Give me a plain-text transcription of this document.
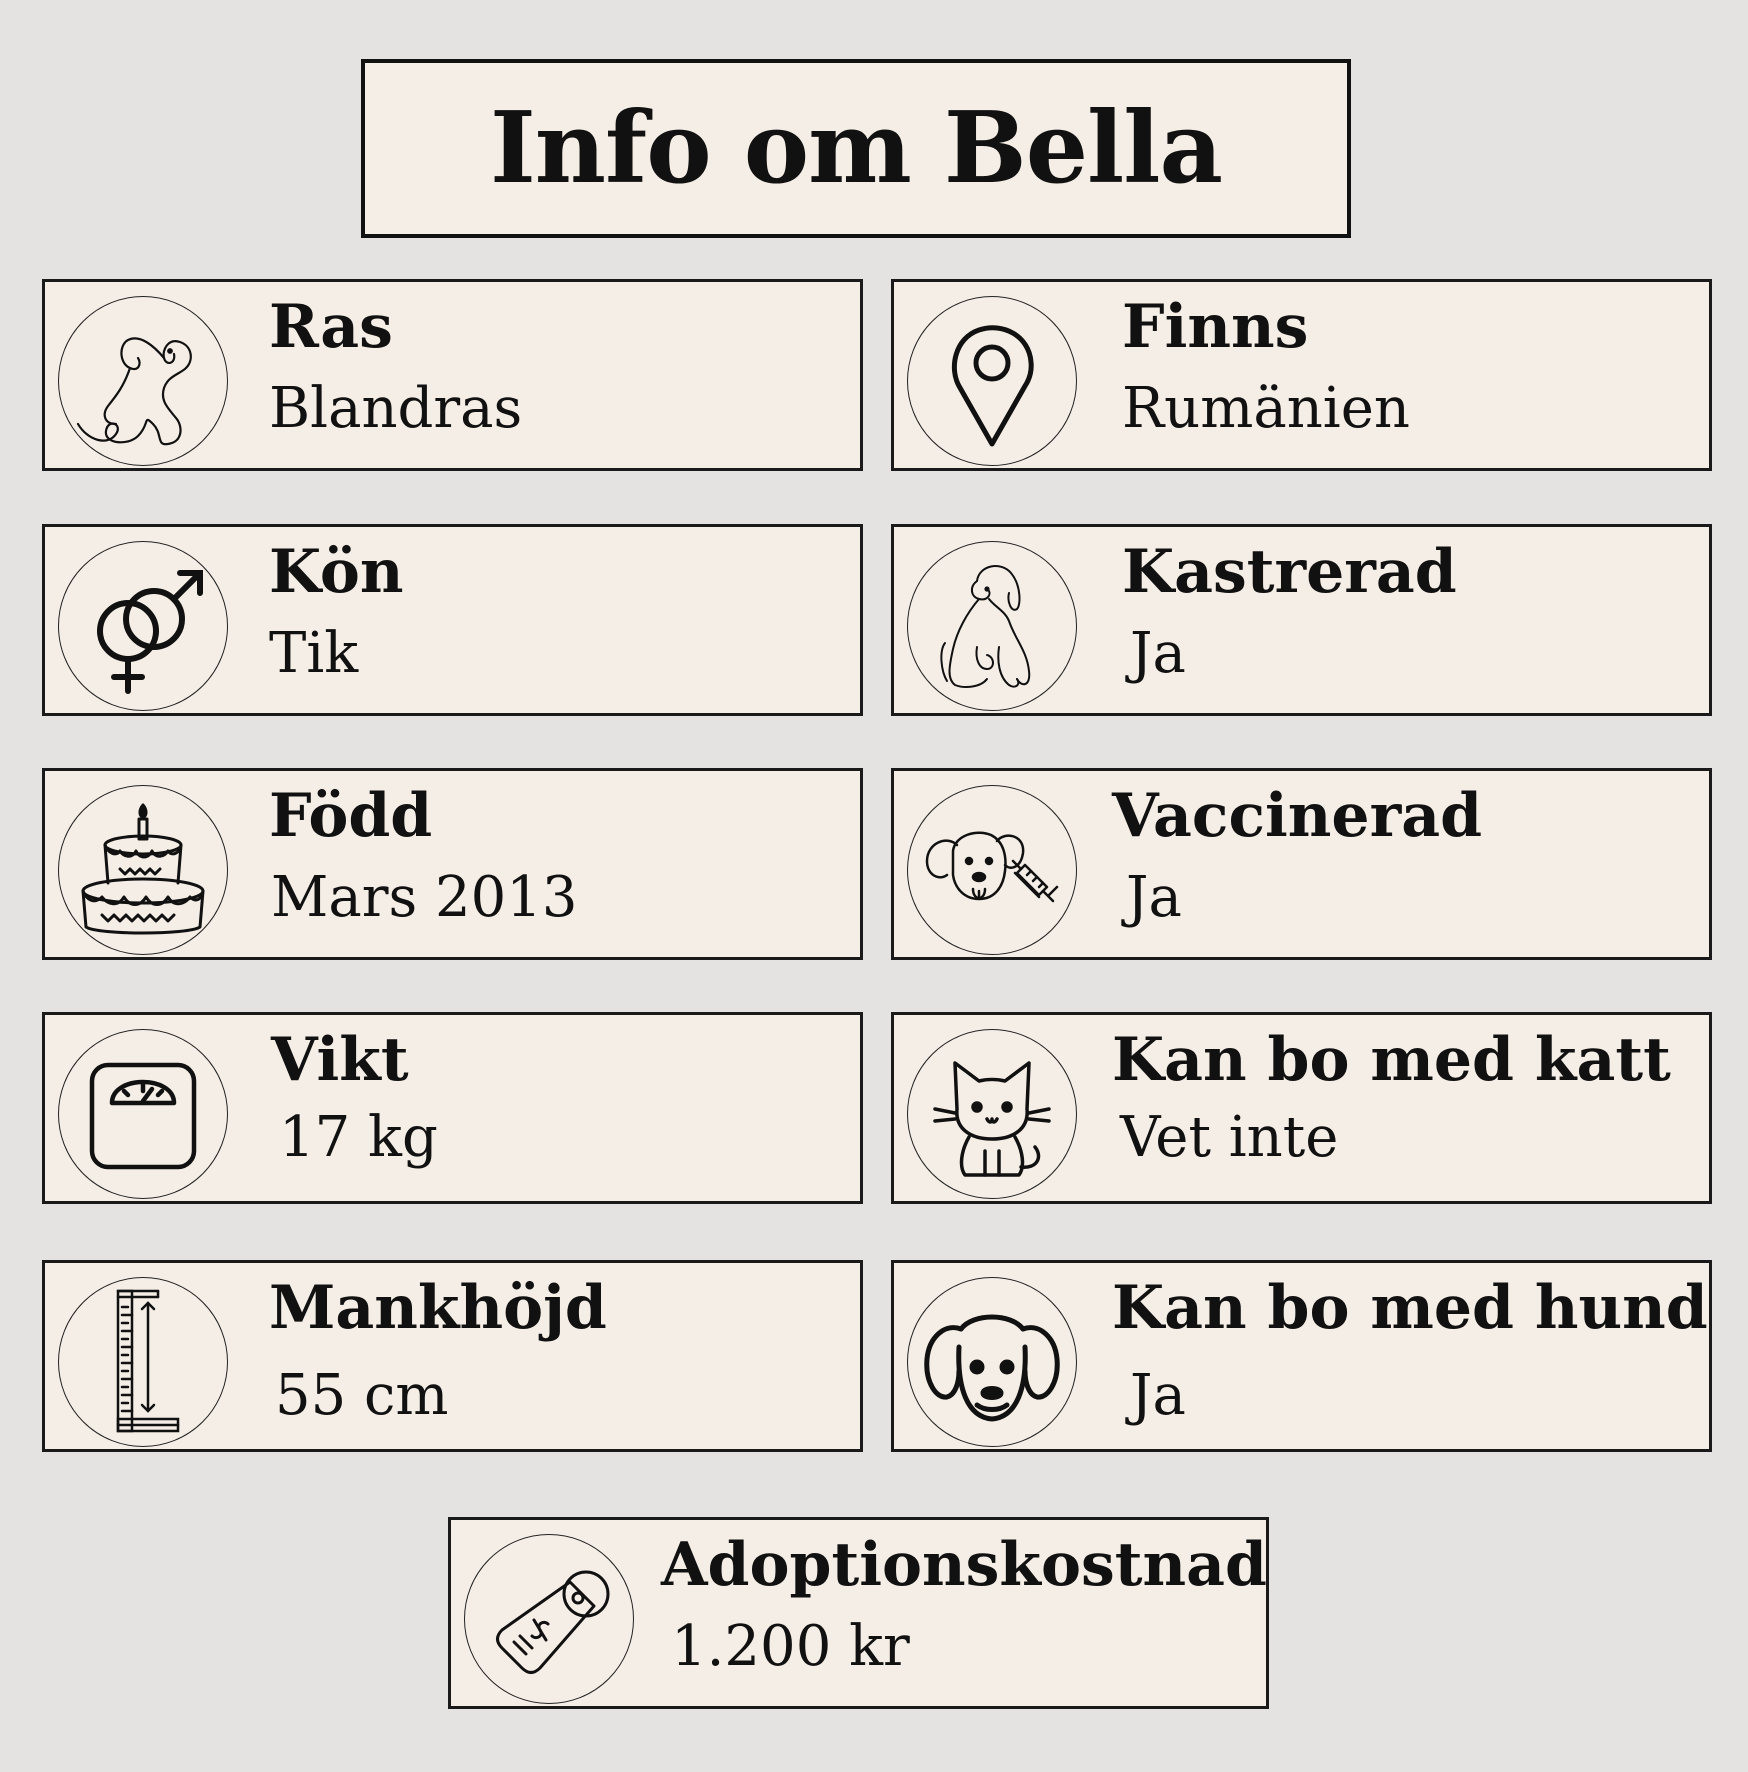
Info om Bella
Ras
Blandras
Finns
Rumänien
Kön
Tik
Kastrerad
Ja
Född
Mars 2013
Vaccinerad
Ja
Vikt
17 kg
Kan bo med katt
Vet inte
Mankhöjd
55 cm
Kan bo med hund
Ja
Adoptionskostnad
1.200 kr
